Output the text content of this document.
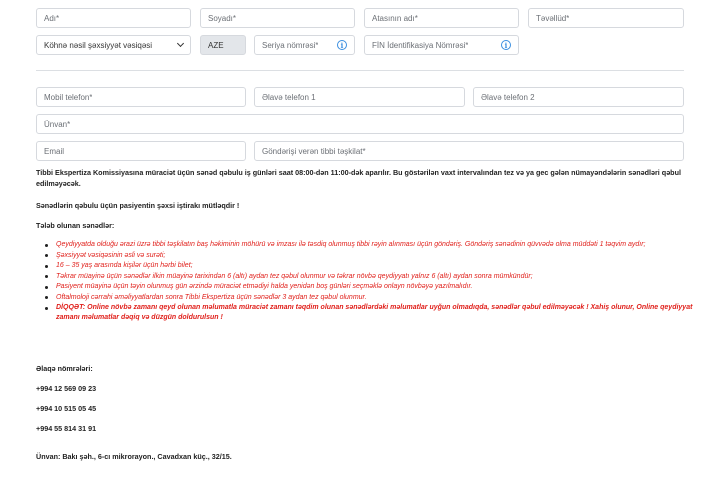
Adı*	Soyadı*	Atasının adı*	Təvəllüd*
Köhnə nəsil şəxsiyyət vəsiqəsi	AZE	Seriya nömrəsi*	i	FİN İdentifikasiya Nömrəsi*	i
Mobil telefon*	Əlavə telefon 1	Əlavə telefon 2
Ünvan*
Email	Göndərişi verən tibbi təşkilat*
Tibbi Ekspertiza Komissiyasına müraciət üçün sənəd qəbulu iş günləri saat 08:00-dən 11:00-dək aparılır. Bu göstərilən vaxt intervalından tez və ya gec gələn nümayəndələrin sənədləri qəbul edilməyəcək.
Sənədlərin qəbulu üçün pasiyentin şəxsi iştirakı mütləqdir !
Tələb olunan sənədlər:
Qeydiyyatda olduğu ərazi üzrə tibbi təşkilatın baş həkiminin möhürü və imzası ilə təsdiq olunmuş tibbi rəyin alınması üçün göndəriş. Göndəriş sənədinin qüvvədə olma müddəti 1 təqvim aydır;
Şəxsiyyət vəsiqəsinin əsli və surəti;
16 – 35 yaş arasında kişilər üçün hərbi bilet;
Təkrar müayinə üçün sənədlər ilkin müayinə tarixindən 6 (altı) aydan tez qəbul olunmur və təkrar növbə qeydiyyatı yalnız 6 (altı) aydan sonra mümkündür;
Pasiyent müayinə üçün təyin olunmuş gün ərzində müraciət etmədiyi halda yenidən boş günləri seçməklə onlayn növbəyə yazılmalıdır.
Oftalmoloji cərrahi əməliyyatlardan sonra Tibbi Ekspertiza üçün sənədlər 3 aydan tez qəbul olunmur.
DİQQƏT: Online növbə zamanı qeyd olunan məlumatla müraciət zamanı təqdim olunan sənədlərdəki məlumatlar uyğun olmadıqda, sənədlər qəbul edilməyəcək ! Xahiş olunur, Online qeydiyyat zamanı məlumatlar dəqiq və düzgün doldurulsun !
Əlaqə nömrələri:
+994 12 569 09 23
+994 10 515 05 45
+994 55 814 31 91
Ünvan: Bakı şəh., 6-cı mikrorayon., Cavadxan küç., 32/15.
